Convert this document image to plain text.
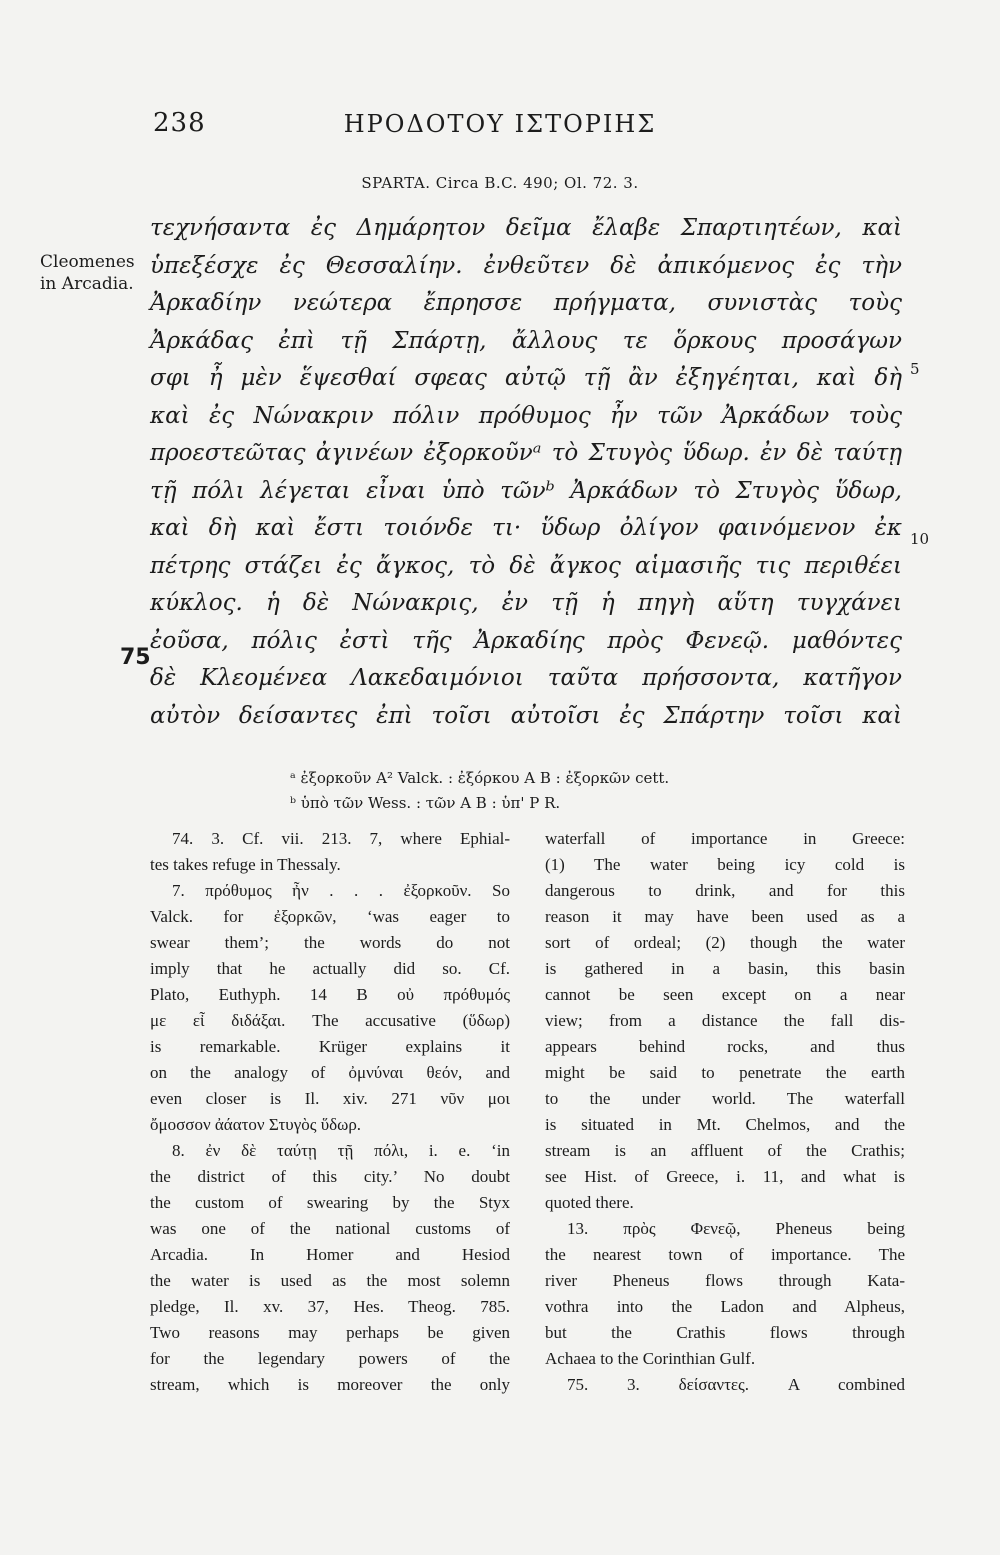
238	ΗΡΟΔΟΤΟΥ ΙΣΤΟΡΙΗΣ
SPARTA. Circa B.C. 490; Ol. 72. 3.
Cleomenes
in Arcadia.
75
5
10
τεχνήσαντα ἐς Δημάρητον δεῖμα ἔλαβε Σπαρτιητέων, καὶ
ὑπεξέσχε ἐς Θεσσαλίην. ἐνθεῦτεν δὲ ἀπικόμενος ἐς τὴν
Ἀρκαδίην νεώτερα ἔπρησσε πρήγματα, συνιστὰς τοὺς
Ἀρκάδας ἐπὶ τῇ Σπάρτῃ, ἄλλους τε ὅρκους προσάγων
σφι ἦ μὲν ἕψεσθαί σφεας αὐτῷ τῇ ἂν ἐξηγέηται, καὶ δὴ
καὶ ἐς Νώνακριν πόλιν πρόθυμος ἦν τῶν Ἀρκάδων τοὺς
προεστεῶτας ἀγινέων ἐξορκοῦνᵃ τὸ Στυγὸς ὕδωρ. ἐν δὲ ταύτῃ
τῇ πόλι λέγεται εἶναι ὑπὸ τῶνᵇ Ἀρκάδων τὸ Στυγὸς ὕδωρ,
καὶ δὴ καὶ ἔστι τοιόνδε τι· ὕδωρ ὀλίγον φαινόμενον ἐκ
πέτρης στάζει ἐς ἄγκος, τὸ δὲ ἄγκος αἱμασιῆς τις περιθέει
κύκλος. ἡ δὲ Νώνακρις, ἐν τῇ ἡ πηγὴ αὕτη τυγχάνει
ἐοῦσα, πόλις ἐστὶ τῆς Ἀρκαδίης πρὸς Φενεῷ. μαθόντες
δὲ Κλεομένεα Λακεδαιμόνιοι ταῦτα πρήσσοντα, κατῆγον
αὐτὸν δείσαντες ἐπὶ τοῖσι αὐτοῖσι ἐς Σπάρτην τοῖσι καὶ
ᵃ ἐξορκοῦν A² Valck. : ἐξόρκου A B : ἐξορκῶν cett.
ᵇ ὑπὸ τῶν Wess. : τῶν A B : ὑπ' P R.
74. 3. Cf. vii. 213. 7, where Ephial-
tes takes refuge in Thessaly.
7. πρόθυμος ἦν . . . ἐξορκοῦν. So
Valck. for ἐξορκῶν, ‘was eager to
swear them’; the words do not
imply that he actually did so. Cf.
Plato, Euthyph. 14 B οὐ πρόθυμός
με εἶ διδάξαι. The accusative (ὕδωρ)
is remarkable. Krüger explains it
on the analogy of ὀμνύναι θεόν, and
even closer is Il. xiv. 271 νῦν μοι
ὄμοσσον ἀάατον Στυγὸς ὕδωρ.
8. ἐν δὲ ταύτῃ τῇ πόλι, i. e. ‘in
the district of this city.’ No doubt
the custom of swearing by the Styx
was one of the national customs of
Arcadia. In Homer and Hesiod
the water is used as the most solemn
pledge, Il. xv. 37, Hes. Theog. 785.
Two reasons may perhaps be given
for the legendary powers of the
stream, which is moreover the only
waterfall of importance in Greece:
(1) The water being icy cold is
dangerous to drink, and for this
reason it may have been used as a
sort of ordeal; (2) though the water
is gathered in a basin, this basin
cannot be seen except on a near
view; from a distance the fall dis-
appears behind rocks, and thus
might be said to penetrate the earth
to the under world. The waterfall
is situated in Mt. Chelmos, and the
stream is an affluent of the Crathis;
see Hist. of Greece, i. 11, and what is
quoted there.
13. πρὸς Φενεῷ, Pheneus being
the nearest town of importance. The
river Pheneus flows through Kata-
vothra into the Ladon and Alpheus,
but the Crathis flows through
Achaea to the Corinthian Gulf.
75. 3. δείσαντες. A combined
